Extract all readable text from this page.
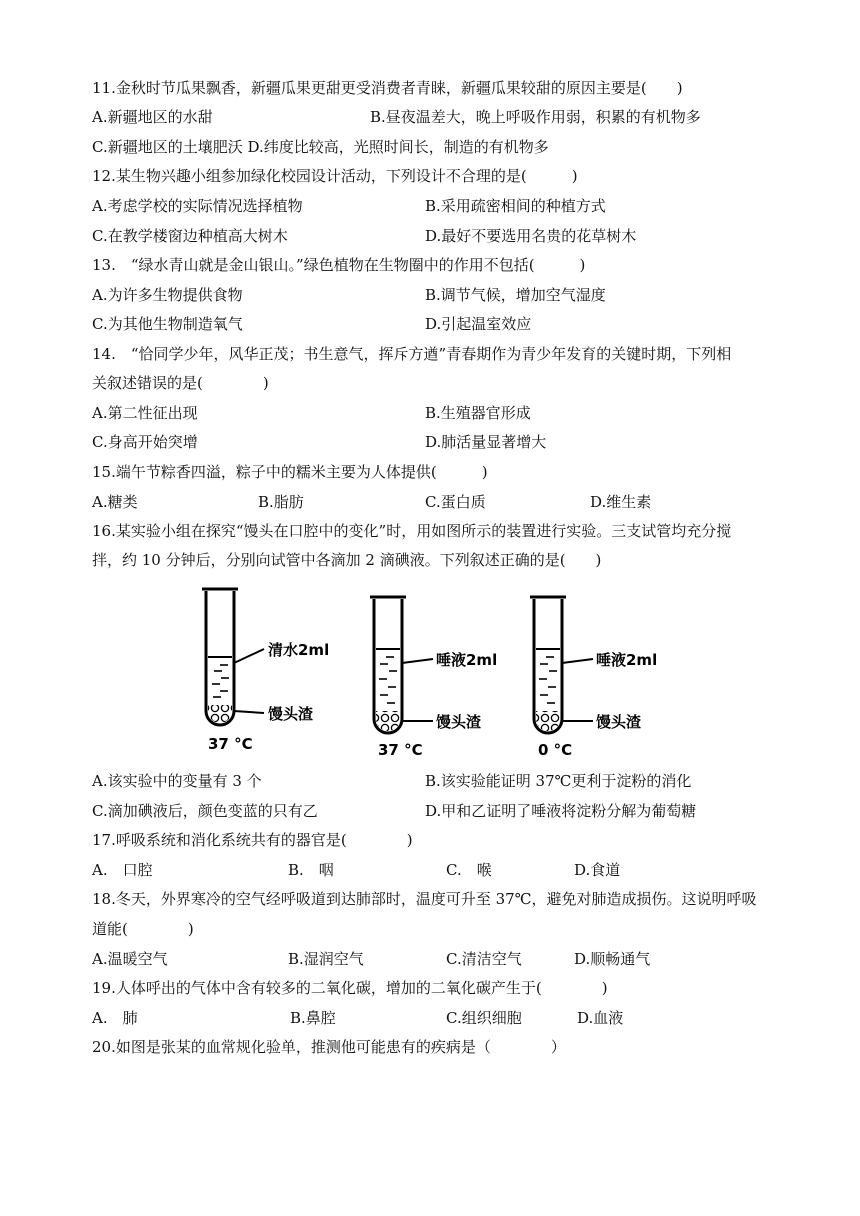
11.金秋时节瓜果飘香，新疆瓜果更甜更受消费者青睐，新疆瓜果较甜的原因主要是(　　)
A.新疆地区的水甜	B.昼夜温差大，晚上呼吸作用弱，积累的有机物多
C.新疆地区的土壤肥沃 D.纬度比较高，光照时间长，制造的有机物多
12.某生物兴趣小组参加绿化校园设计活动，下列设计不合理的是(　　　)
A.考虑学校的实际情况选择植物	B.采用疏密相间的种植方式
C.在教学楼窗边种植高大树木	D.最好不要选用名贵的花草树木
13.　“绿水青山就是金山银山。”绿色植物在生物圈中的作用不包括(　　　)
A.为许多生物提供食物	B.调节气候，增加空气湿度
C.为其他生物制造氧气	D.引起温室效应
14.　“恰同学少年，风华正茂；书生意气，挥斥方遒”青春期作为青少年发育的关键时期，下列相
关叙述错误的是(　　　　)
A.第二性征出现	B.生殖器官形成
C.身高开始突增	D.肺活量显著增大
15.端午节粽香四溢，粽子中的糯米主要为人体提供(　　　)
A.糖类	B.脂肪	C.蛋白质	D.维生素
16.某实验小组在探究“馒头在口腔中的变化”时，用如图所示的装置进行实验。三支试管均充分搅
拌，约 10 分钟后，分别向试管中各滴加 2 滴碘液。下列叙述正确的是(　　)
清水2ml
馒头渣
37 °C
唾液2ml
馒头渣
37 °C
唾液2ml
馒头渣
0 °C
A.该实验中的变量有 3 个	B.该实验能证明 37℃更利于淀粉的消化
C.滴加碘液后，颜色变蓝的只有乙	D.甲和乙证明了唾液将淀粉分解为葡萄糖
17.呼吸系统和消化系统共有的器官是(　　　　)
A.　口腔	B.　咽	C.　喉	D.食道
18.冬天，外界寒冷的空气经呼吸道到达肺部时，温度可升至 37℃，避免对肺造成损伤。这说明呼吸
道能(　　　　)
A.温暖空气	B.湿润空气	C.清洁空气	D.顺畅通气
19.人体呼出的气体中含有较多的二氧化碳，增加的二氧化碳产生于(　　　　)
A.　肺	B.鼻腔	C.组织细胞	D.血液
20.如图是张某的血常规化验单，推测他可能患有的疾病是（　　　　）
